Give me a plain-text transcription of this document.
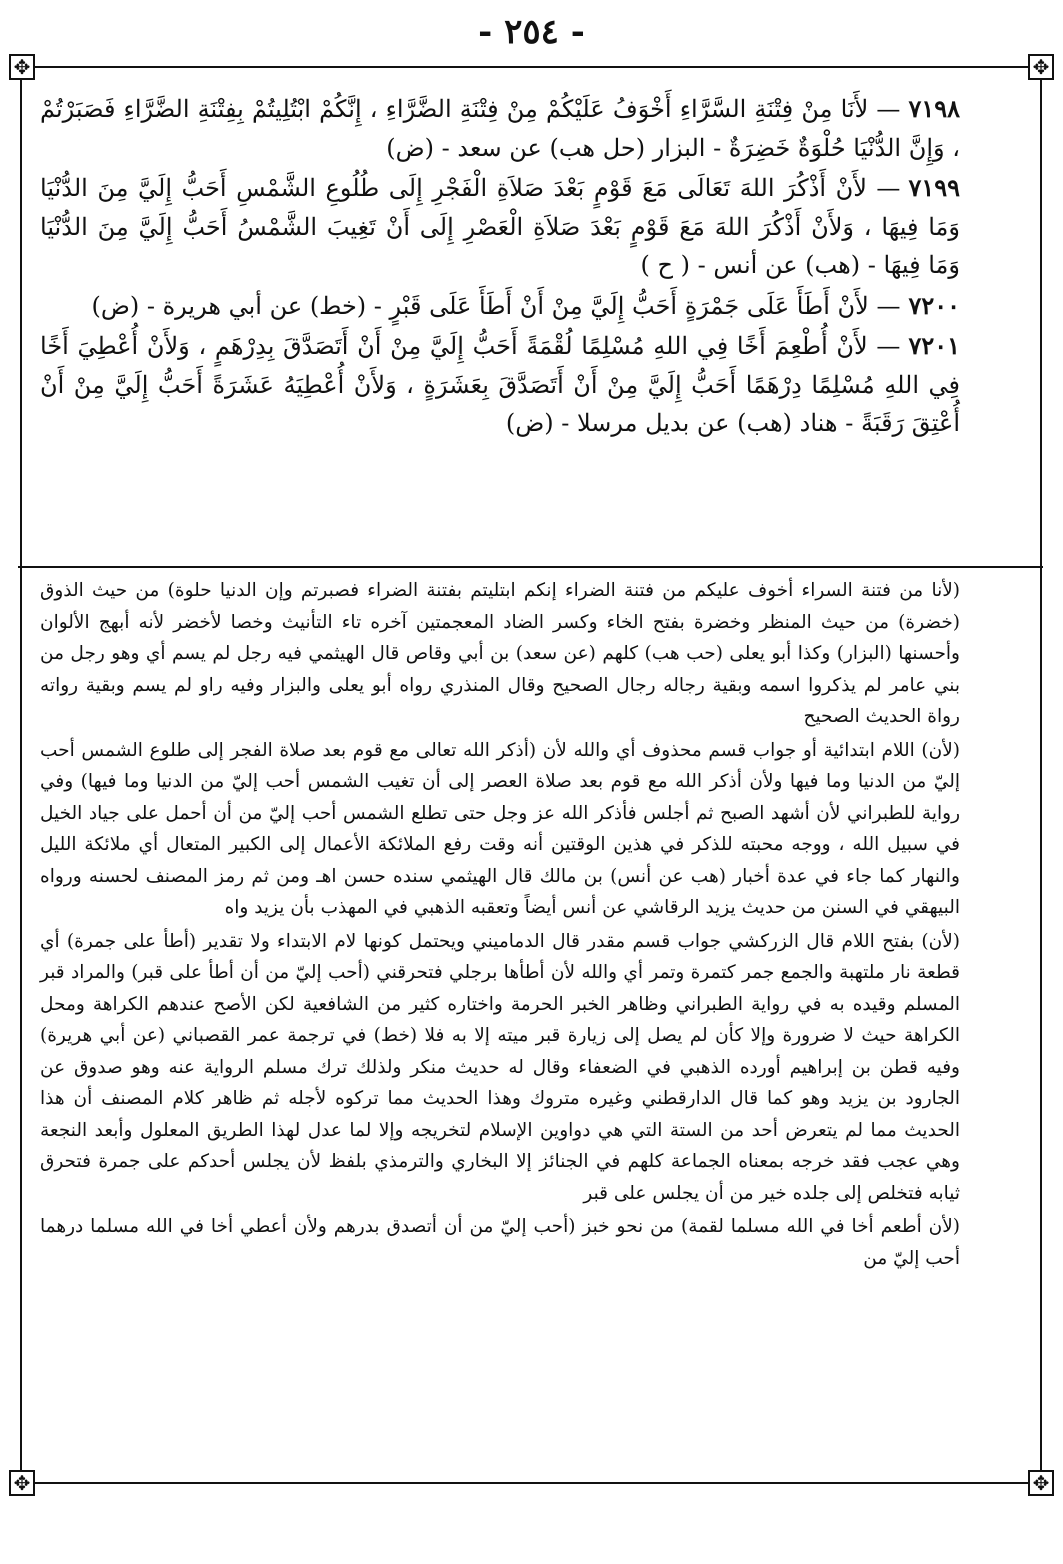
- ٢٥٤ -
✥	✥
✥	✥

٧١٩٨— لأَنَا مِنْ فِتْنَةِ السَّرَّاءِ أَخْوَفُ عَلَيْكُمْ مِنْ فِتْنَةِ الضَّرَّاءِ ، إِنَّكُمْ ابْتُلِيتُمْ بِفِتْنَةِ الضَّرَّاءِ فَصَبَرْتُمْ ، وَإِنَّ الدُّنْيَا حُلْوَةٌ خَضِرَةٌ - البزار (حل هب) عن سعد - (ض)

٧١٩٩— لأَنْ أَذْكُرَ اللهَ تَعَالَى مَعَ قَوْمٍ بَعْدَ صَلاَةِ الْفَجْرِ إِلَى طُلُوعِ الشَّمْسِ أَحَبُّ إِلَيَّ مِنَ الدُّنْيَا وَمَا فِيهَا ، وَلأَنْ أَذْكُرَ اللهَ مَعَ قَوْمٍ بَعْدَ صَلاَةِ الْعَصْرِ إِلَى أَنْ تَغِيبَ الشَّمْسُ أَحَبُّ إِلَيَّ مِنَ الدُّنْيَا وَمَا فِيهَا - (هب) عن أنس - ( ح )

٧٢٠٠— لأَنْ أَطَأَ عَلَى جَمْرَةٍ أَحَبُّ إِلَيَّ مِنْ أَنْ أَطَأَ عَلَى قَبْرٍ - (خط) عن أبي هريرة - (ض)

٧٢٠١— لأَنْ أُطْعِمَ أَخًا فِي اللهِ مُسْلِمًا لُقْمَةً أَحَبُّ إِلَيَّ مِنْ أَنْ أَتَصَدَّقَ بِدِرْهَمٍ ، وَلأَنْ أُعْطِيَ أَخًا فِي اللهِ مُسْلِمًا دِرْهَمًا أَحَبُّ إِلَيَّ مِنْ أَنْ أَتَصَدَّقَ بِعَشَرَةٍ ، وَلأَنْ أُعْطِيَهُ عَشَرَةً أَحَبُّ إِلَيَّ مِنْ أَنْ أُعْتِقَ رَقَبَةً - هناد (هب) عن بديل مرسلا - (ض)

(لأنا من فتنة السراء أخوف عليكم من فتنة الضراء إنكم ابتليتم بفتنة الضراء فصبرتم وإن الدنيا حلوة) من حيث الذوق (خضرة) من حيث المنظر وخضرة بفتح الخاء وكسر الضاد المعجمتين آخره تاء التأنيث وخصا لأخضر لأنه أبهج الألوان وأحسنها (البزار) وكذا أبو يعلى (حب هب) كلهم (عن سعد) بن أبي وقاص قال الهيثمي فيه رجل لم يسم أي وهو رجل من بني عامر لم يذكروا اسمه وبقية رجاله رجال الصحيح وقال المنذري رواه أبو يعلى والبزار وفيه راو لم يسم وبقية رواته رواة الحديث الصحيح

(لأن) اللام ابتدائية أو جواب قسم محذوف أي والله لأن (أذكر الله تعالى مع قوم بعد صلاة الفجر إلى طلوع الشمس أحب إليّ من الدنيا وما فيها ولأن أذكر الله مع قوم بعد صلاة العصر إلى أن تغيب الشمس أحب إليّ من الدنيا وما فيها) وفي رواية للطبراني لأن أشهد الصبح ثم أجلس فأذكر الله عز وجل حتى تطلع الشمس أحب إليّ من أن أحمل على جياد الخيل في سبيل الله ، ووجه محبته للذكر في هذين الوقتين أنه وقت رفع الملائكة الأعمال إلى الكبير المتعال أي ملائكة الليل والنهار كما جاء في عدة أخبار (هب عن أنس) بن مالك قال الهيثمي سنده حسن اهـ ومن ثم رمز المصنف لحسنه ورواه البيهقي في السنن من حديث يزيد الرقاشي عن أنس أيضاً وتعقبه الذهبي في المهذب بأن يزيد واه

(لأن) بفتح اللام قال الزركشي جواب قسم مقدر قال الدماميني ويحتمل كونها لام الابتداء ولا تقدير (أطأ على جمرة) أي قطعة نار ملتهبة والجمع جمر كتمرة وتمر أي والله لأن أطأها برجلي فتحرقني (أحب إليّ من أن أطأ على قبر) والمراد قبر المسلم وقيده به في رواية الطبراني وظاهر الخبر الحرمة واختاره كثير من الشافعية لكن الأصح عندهم الكراهة ومحل الكراهة حيث لا ضرورة وإلا كأن لم يصل إلى زيارة قبر ميته إلا به فلا (خط) في ترجمة عمر القصباني (عن أبي هريرة) وفيه قطن بن إبراهيم أورده الذهبي في الضعفاء وقال له حديث منكر ولذلك ترك مسلم الرواية عنه وهو صدوق عن الجارود بن يزيد وهو كما قال الدارقطني وغيره متروك وهذا الحديث مما تركوه لأجله ثم ظاهر كلام المصنف أن هذا الحديث مما لم يتعرض أحد من الستة التي هي دواوين الإسلام لتخريجه وإلا لما عدل لهذا الطريق المعلول وأبعد النجعة وهي عجب فقد خرجه بمعناه الجماعة كلهم في الجنائز إلا البخاري والترمذي بلفظ لأن يجلس أحدكم على جمرة فتحرق ثيابه فتخلص إلى جلده خير من أن يجلس على قبر

(لأن أطعم أخا في الله مسلما لقمة) من نحو خبز (أحب إليّ من أن أتصدق بدرهم ولأن أعطي أخا في الله مسلما درهما أحب إليّ من
